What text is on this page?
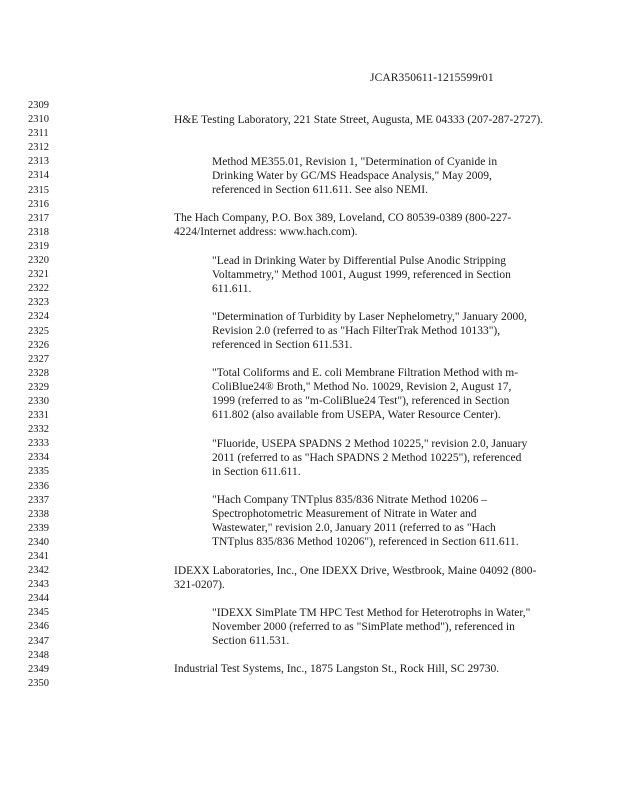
JCAR350611-1215599r01
2309
2310
2311
2312
2313
2314
2315
2316
2317
2318
2319
2320
2321
2322
2323
2324
2325
2326
2327
2328
2329
2330
2331
2332
2333
2334
2335
2336
2337
2338
2339
2340
2341
2342
2343
2344
2345
2346
2347
2348
2349
2350

H&E Testing Laboratory, 221 State Street, Augusta, ME 04333 (207-287-2727).

Method ME355.01, Revision 1, "Determination of Cyanide in Drinking Water by GC/MS Headspace Analysis," May 2009, referenced in Section 611.611. See also NEMI.

The Hach Company, P.O. Box 389, Loveland, CO 80539-0389 (800-227-4224/Internet address: www.hach.com).

"Lead in Drinking Water by Differential Pulse Anodic Stripping Voltammetry," Method 1001, August 1999, referenced in Section 611.611.

"Determination of Turbidity by Laser Nephelometry," January 2000, Revision 2.0 (referred to as "Hach FilterTrak Method 10133"), referenced in Section 611.531.

"Total Coliforms and E. coli Membrane Filtration Method with m-ColiBlue24® Broth," Method No. 10029, Revision 2, August 17, 1999 (referred to as "m-ColiBlue24 Test"), referenced in Section 611.802 (also available from USEPA, Water Resource Center).

"Fluoride, USEPA SPADNS 2 Method 10225," revision 2.0, January 2011 (referred to as "Hach SPADNS 2 Method 10225"), referenced in Section 611.611.

"Hach Company TNTplus 835/836 Nitrate Method 10206 – Spectrophotometric Measurement of Nitrate in Water and Wastewater," revision 2.0, January 2011 (referred to as "Hach TNTplus 835/836 Method 10206"), referenced in Section 611.611.

IDEXX Laboratories, Inc., One IDEXX Drive, Westbrook, Maine 04092 (800-321-0207).

"IDEXX SimPlate TM HPC Test Method for Heterotrophs in Water," November 2000 (referred to as "SimPlate method"), referenced in Section 611.531.

Industrial Test Systems, Inc., 1875 Langston St., Rock Hill, SC 29730.
